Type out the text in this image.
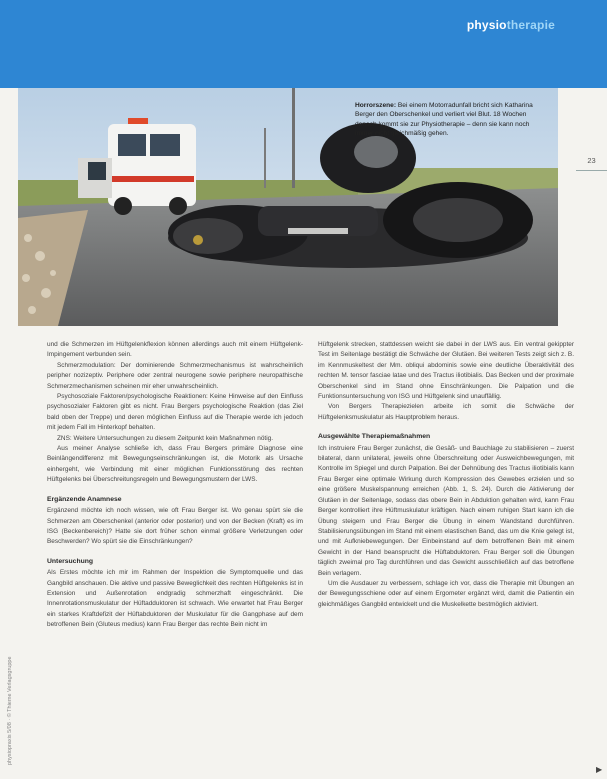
physiotherapie
Horrorszene: Bei einem Motorradunfall bricht sich Katharina Berger den Oberschenkel und verliert viel Blut. 18 Wochen danach kommt sie zur Physiotherapie – denn sie kann noch immer nicht gleichmäßig gehen.
23

und die Schmerzen im Hüftgelenkflexion können allerdings auch mit einem Hüftgelenk-Impingement verbunden sein.

Schmerzmodulation: Der dominierende Schmerzmechanismus ist wahrscheinlich peripher nozizeptiv. Periphere oder zentral neurogene sowie periphere neuropathische Schmerzmechanismen scheinen mir eher unwahrscheinlich.

Psychosoziale Faktoren/psychologische Reaktionen: Keine Hinweise auf den Einfluss psychosozialer Faktoren gibt es nicht. Frau Bergers psychologische Reaktion (das Ziel bald oben der Treppe) und deren möglichen Einfluss auf die Therapie werde ich jedoch mit jedem Fall im Hinterkopf behalten.

ZNS: Weitere Untersuchungen zu diesem Zeitpunkt kein Maßnahmen nötig.

Aus meiner Analyse schließe ich, dass Frau Bergers primäre Diagnose eine Beinlängendifferenz mit Bewegungseinschränkungen ist, die Motorik als Ursache einhergeht, wie Verbindung mit einer möglichen Funktionsstörung des rechten Hüftgelenks bei Überschreitungsregeln und Bewegungsmustern der LWS.

Ergänzende Anamnese

Ergänzend möchte ich noch wissen, wie oft Frau Berger ist. Wo genau spürt sie die Schmerzen am Oberschenkel (anterior oder posterior) und von der Becken (Kraft) es im ISG (Beckenbereich)? Hatte sie dort früher schon einmal größere Verletzungen oder Beschwerden? Wo spürt sie die Einschränkungen?

Untersuchung

Als Erstes möchte ich mir im Rahmen der Inspektion die Symptomquelle und das Gangbild anschauen. Die aktive und passive Beweglichkeit des rechten Hüftgelenks ist in Extension und Außenrotation endgradig schmerzhaft eingeschränkt. Die Innenrotationsmuskulatur der Hüftadduktoren ist schwach. Wie erwartet hat Frau Berger ein starkes Kraftdefizit der Hüftabduktoren der Muskulatur für die Gangphase auf dem betroffenen Bein (Gluteus medius) kann Frau Berger das rechte Bein nicht im

Hüftgelenk strecken, stattdessen weicht sie dabei in der LWS aus. Ein ventral gekippter Test im Seitenlage bestätigt die Schwäche der Glutäen. Bei weiteren Tests zeigt sich z. B. im Kennmuskeltest der Mm. obliqui abdominis sowie eine deutliche Überaktivität des rechten M. tensor fasciae latae und des Tractus iliotibialis. Das Becken und der proximale Oberschenkel sind im Stand ohne Einschränkungen. Die Palpation und die Funktionsuntersuchung von ISG und Hüftgelenk sind unauffällig.

Von Bergers Therapiezielen arbeite ich somit die Schwäche der Hüftgelenksmuskulatur als Hauptproblem heraus.

Ausgewählte Therapiemaßnahmen

Ich instruiere Frau Berger zunächst, die Gesäß- und Bauchlage zu stabilisieren – zuerst bilateral, dann unilateral, jeweils ohne Überschreitung oder Ausweichbewegungen, mit Kontrolle im Spiegel und durch Palpation. Bei der Dehnübung des Tractus iliotibialis kann Frau Berger eine optimale Wirkung durch Kompression des Gewebes erzielen und so eine größere Muskelspannung erreichen (Abb. 1, S. 24). Durch die Aktivierung der Glutäen in der Seitenlage, sodass das obere Bein in Abduktion gehalten wird, kann Frau Berger kontrolliert ihre Hüftmuskulatur kräftigen. Nach einem ruhigen Start kann ich die Übung steigern und Frau Berger die Übung in einem Wandstand durchführen. Stabilisierungsübungen im Stand mit einem elastischen Band, das um die Knie gelegt ist, und mit Aufkniebewegungen. Der Einbeinstand auf dem betroffenen Bein mit einem Gewicht in der Hand beansprucht die Hüftabduktoren. Frau Berger soll die Übungen täglich zweimal pro Tag durchführen und das Gewicht ausschließlich auf das betroffene Bein verlagern.

Um die Ausdauer zu verbessern, schlage ich vor, dass die Therapie mit Übungen an der Bewegungsschiene oder auf einem Ergometer ergänzt wird, damit die Patientin ein gleichmäßiges Gangbild entwickelt und die Muskelkette bestmöglich aktiviert.

physiopraxis 5/08 · © Thieme Verlagsgruppe
▶
